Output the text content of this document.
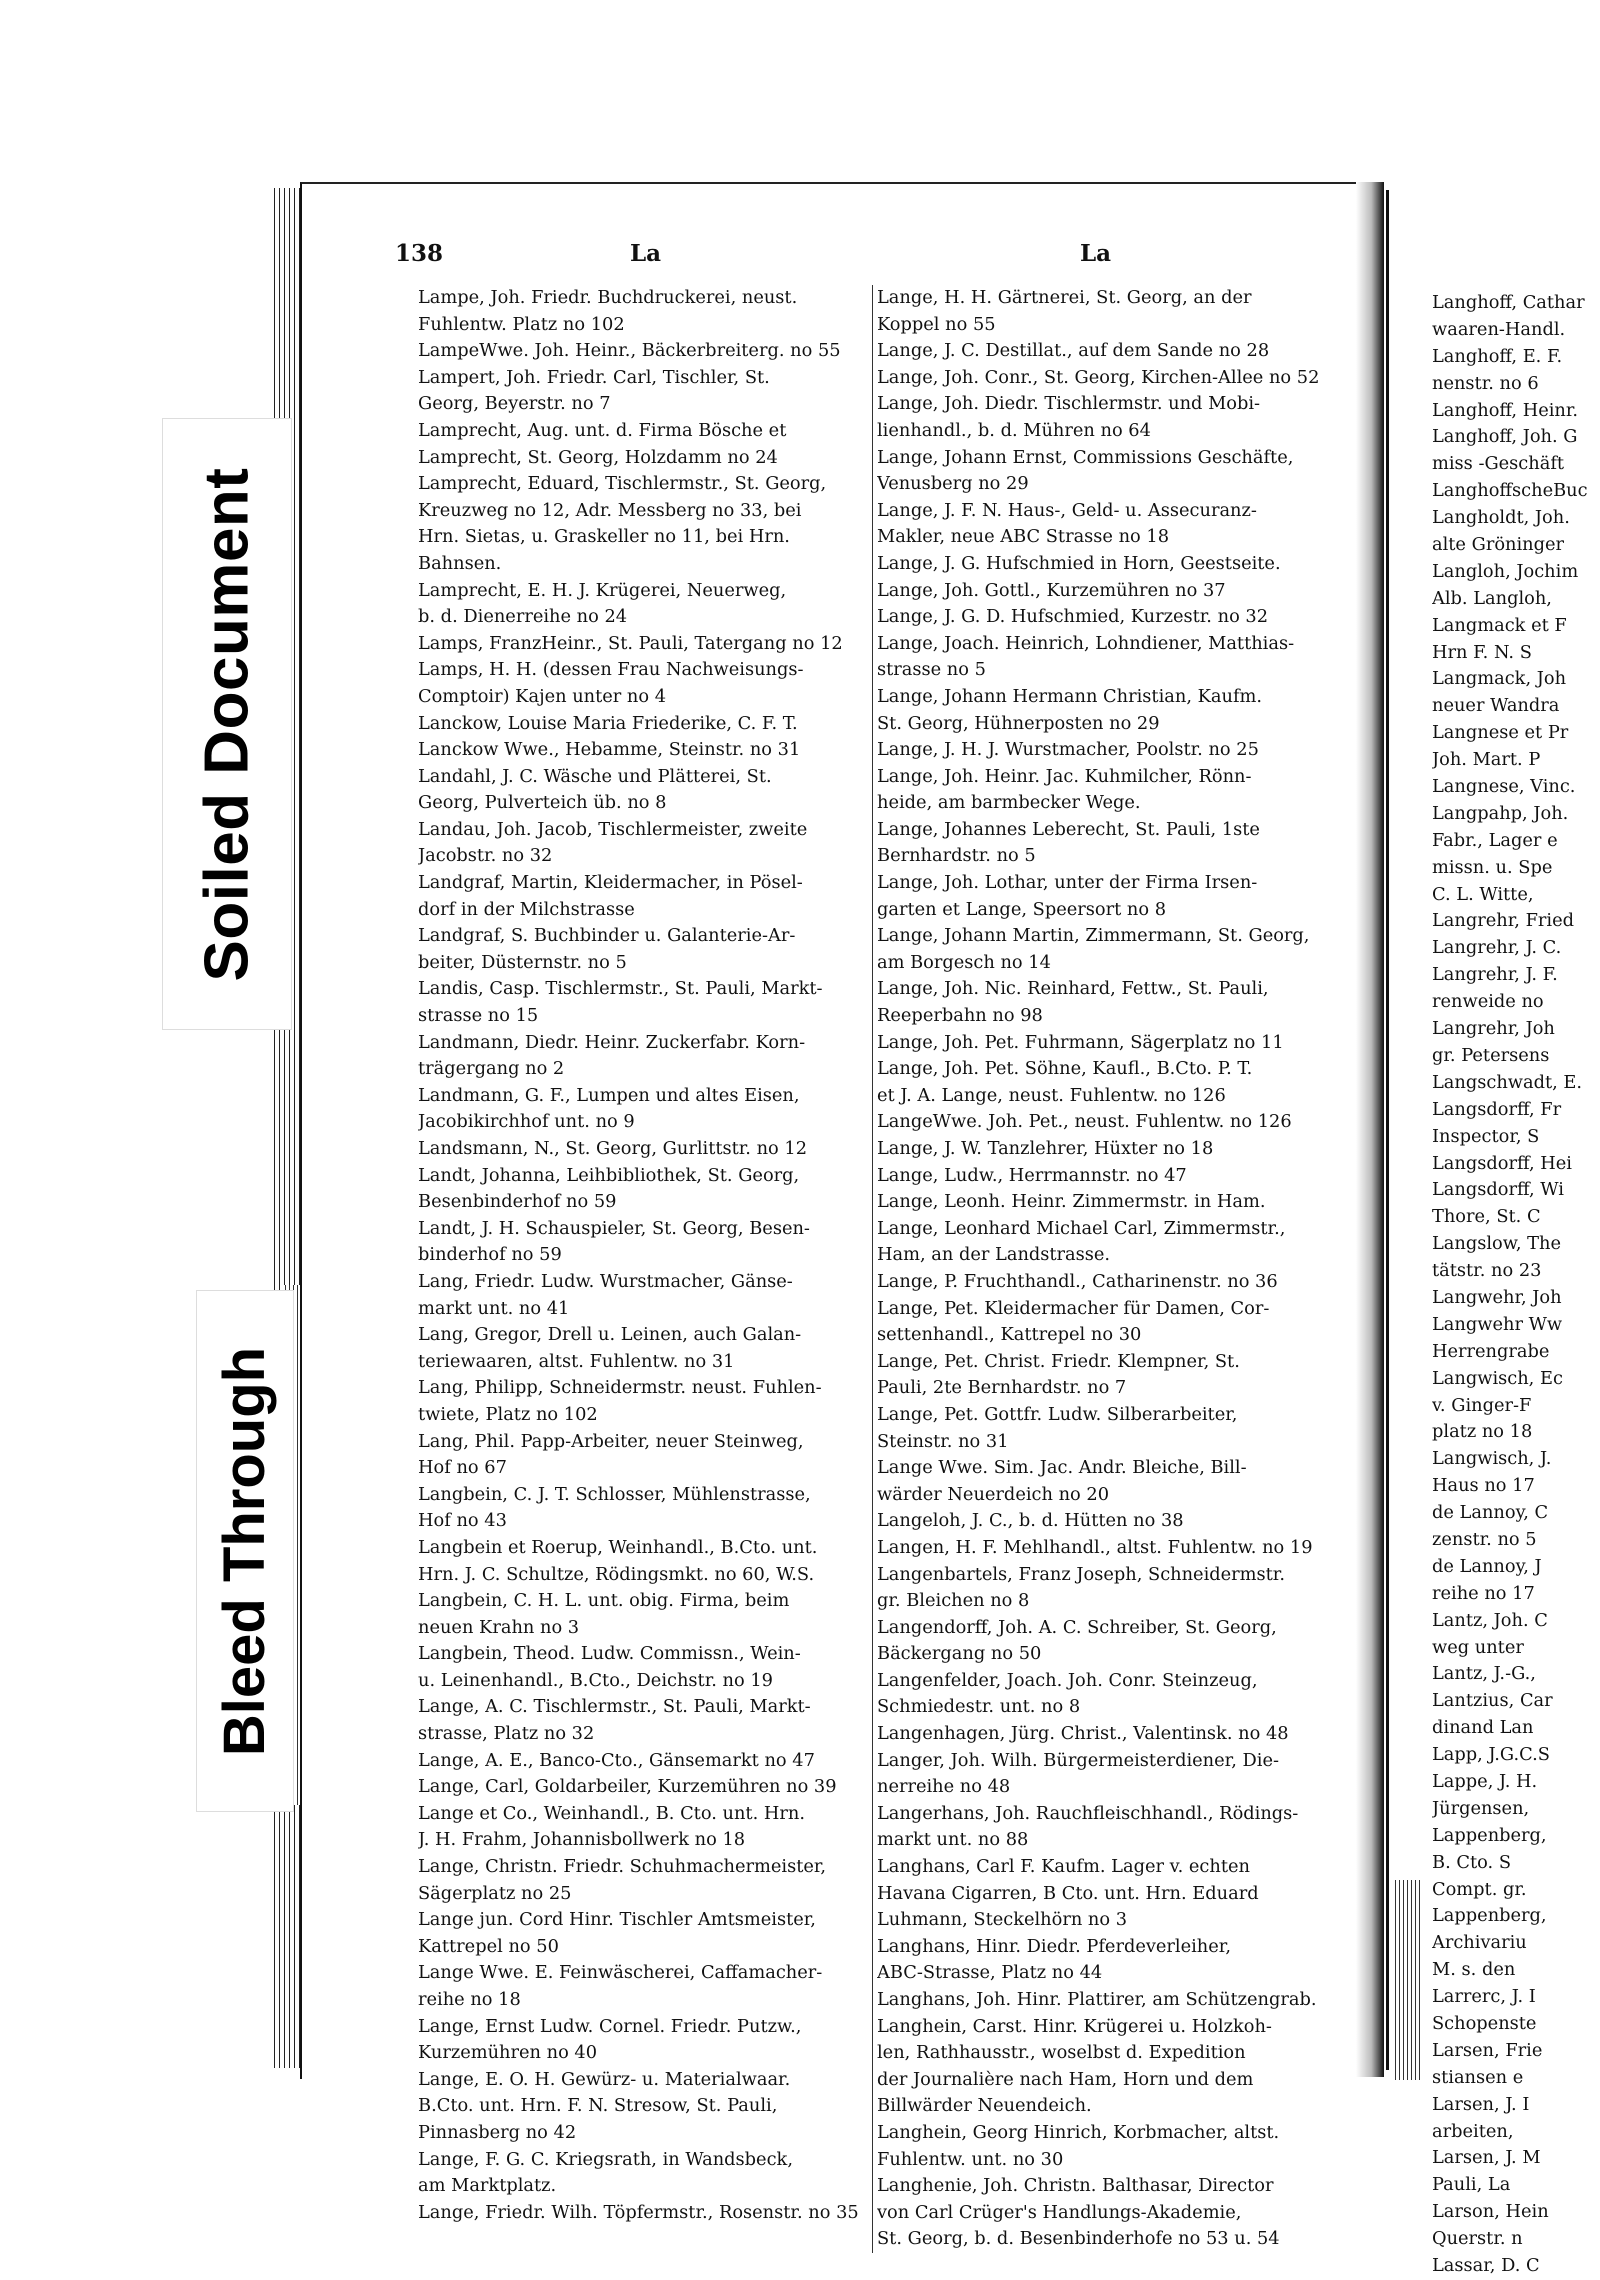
138	La	La
Lampe, Joh. Friedr. Buchdruckerei, neust.
Fuhlentw. Platz no 102
LampeWwe. Joh. Heinr., Bäckerbreiterg. no 55
Lampert, Joh. Friedr. Carl, Tischler, St.
Georg, Beyerstr. no 7
Lamprecht, Aug. unt. d. Firma Bösche et
Lamprecht, St. Georg, Holzdamm no 24
Lamprecht, Eduard, Tischlermstr., St. Georg,
Kreuzweg no 12, Adr. Messberg no 33, bei
Hrn. Sietas, u. Graskeller no 11, bei Hrn.
Bahnsen.
Lamprecht, E. H. J. Krügerei, Neuerweg,
b. d. Dienerreihe no 24
Lamps, FranzHeinr., St. Pauli, Tatergang no 12
Lamps, H. H. (dessen Frau Nachweisungs-
Comptoir) Kajen unter no 4
Lanckow, Louise Maria Friederike, C. F. T.
Lanckow Wwe., Hebamme, Steinstr. no 31
Landahl, J. C. Wäsche und Plätterei, St.
Georg, Pulverteich üb. no 8
Landau, Joh. Jacob, Tischlermeister, zweite
Jacobstr. no 32
Landgraf, Martin, Kleidermacher, in Pösel-
dorf in der Milchstrasse
Landgraf, S. Buchbinder u. Galanterie-Ar-
beiter, Düsternstr. no 5
Landis, Casp. Tischlermstr., St. Pauli, Markt-
strasse no 15
Landmann, Diedr. Heinr. Zuckerfabr. Korn-
trägergang no 2
Landmann, G. F., Lumpen und altes Eisen,
Jacobikirchhof unt. no 9
Landsmann, N., St. Georg, Gurlittstr. no 12
Landt, Johanna, Leihbibliothek, St. Georg,
Besenbinderhof no 59
Landt, J. H. Schauspieler, St. Georg, Besen-
binderhof no 59
Lang, Friedr. Ludw. Wurstmacher, Gänse-
markt unt. no 41
Lang, Gregor, Drell u. Leinen, auch Galan-
teriewaaren, altst. Fuhlentw. no 31
Lang, Philipp, Schneidermstr. neust. Fuhlen-
twiete, Platz no 102
Lang, Phil. Papp-Arbeiter, neuer Steinweg,
Hof no 67
Langbein, C. J. T. Schlosser, Mühlenstrasse,
Hof no 43
Langbein et Roerup, Weinhandl., B.Cto. unt.
Hrn. J. C. Schultze, Rödingsmkt. no 60, W.S.
Langbein, C. H. L. unt. obig. Firma, beim
neuen Krahn no 3
Langbein, Theod. Ludw. Commissn., Wein-
u. Leinenhandl., B.Cto., Deichstr. no 19
Lange, A. C. Tischlermstr., St. Pauli, Markt-
strasse, Platz no 32
Lange, A. E., Banco-Cto., Gänsemarkt no 47
Lange, Carl, Goldarbeiler, Kurzemühren no 39
Lange et Co., Weinhandl., B. Cto. unt. Hrn.
J. H. Frahm, Johannisbollwerk no 18
Lange, Christn. Friedr. Schuhmachermeister,
Sägerplatz no 25
Lange jun. Cord Hinr. Tischler Amtsmeister,
Kattrepel no 50
Lange Wwe. E. Feinwäscherei, Caffamacher-
reihe no 18
Lange, Ernst Ludw. Cornel. Friedr. Putzw.,
Kurzemühren no 40
Lange, E. O. H. Gewürz- u. Materialwaar.
B.Cto. unt. Hrn. F. N. Stresow, St. Pauli,
Pinnasberg no 42
Lange, F. G. C. Kriegsrath, in Wandsbeck,
am Marktplatz.
Lange, Friedr. Wilh. Töpfermstr., Rosenstr. no 35
Lange, H. H. Gärtnerei, St. Georg, an der
Koppel no 55
Lange, J. C. Destillat., auf dem Sande no 28
Lange, Joh. Conr., St. Georg, Kirchen-Allee no 52
Lange, Joh. Diedr. Tischlermstr. und Mobi-
lienhandl., b. d. Mühren no 64
Lange, Johann Ernst, Commissions Geschäfte,
Venusberg no 29
Lange, J. F. N. Haus-, Geld- u. Assecuranz-
Makler, neue ABC Strasse no 18
Lange, J. G. Hufschmied in Horn, Geestseite.
Lange, Joh. Gottl., Kurzemühren no 37
Lange, J. G. D. Hufschmied, Kurzestr. no 32
Lange, Joach. Heinrich, Lohndiener, Matthias-
strasse no 5
Lange, Johann Hermann Christian, Kaufm.
St. Georg, Hühnerposten no 29
Lange, J. H. J. Wurstmacher, Poolstr. no 25
Lange, Joh. Heinr. Jac. Kuhmilcher, Rönn-
heide, am barmbecker Wege.
Lange, Johannes Leberecht, St. Pauli, 1ste
Bernhardstr. no 5
Lange, Joh. Lothar, unter der Firma Irsen-
garten et Lange, Speersort no 8
Lange, Johann Martin, Zimmermann, St. Georg,
am Borgesch no 14
Lange, Joh. Nic. Reinhard, Fettw., St. Pauli,
Reeperbahn no 98
Lange, Joh. Pet. Fuhrmann, Sägerplatz no 11
Lange, Joh. Pet. Söhne, Kaufl., B.Cto. P. T.
et J. A. Lange, neust. Fuhlentw. no 126
LangeWwe. Joh. Pet., neust. Fuhlentw. no 126
Lange, J. W. Tanzlehrer, Hüxter no 18
Lange, Ludw., Herrmannstr. no 47
Lange, Leonh. Heinr. Zimmermstr. in Ham.
Lange, Leonhard Michael Carl, Zimmermstr.,
Ham, an der Landstrasse.
Lange, P. Fruchthandl., Catharinenstr. no 36
Lange, Pet. Kleidermacher für Damen, Cor-
settenhandl., Kattrepel no 30
Lange, Pet. Christ. Friedr. Klempner, St.
Pauli, 2te Bernhardstr. no 7
Lange, Pet. Gottfr. Ludw. Silberarbeiter,
Steinstr. no 31
Lange Wwe. Sim. Jac. Andr. Bleiche, Bill-
wärder Neuerdeich no 20
Langeloh, J. C., b. d. Hütten no 38
Langen, H. F. Mehlhandl., altst. Fuhlentw. no 19
Langenbartels, Franz Joseph, Schneidermstr.
gr. Bleichen no 8
Langendorff, Joh. A. C. Schreiber, St. Georg,
Bäckergang no 50
Langenfelder, Joach. Joh. Conr. Steinzeug,
Schmiedestr. unt. no 8
Langenhagen, Jürg. Christ., Valentinsk. no 48
Langer, Joh. Wilh. Bürgermeisterdiener, Die-
nerreihe no 48
Langerhans, Joh. Rauchfleischhandl., Rödings-
markt unt. no 88
Langhans, Carl F. Kaufm. Lager v. echten
Havana Cigarren, B Cto. unt. Hrn. Eduard
Luhmann, Steckelhörn no 3
Langhans, Hinr. Diedr. Pferdeverleiher,
ABC-Strasse, Platz no 44
Langhans, Joh. Hinr. Plattirer, am Schützengrab.
Langhein, Carst. Hinr. Krügerei u. Holzkoh-
len, Rathhausstr., woselbst d. Expedition
der Journalière nach Ham, Horn und dem
Billwärder Neuendeich.
Langhein, Georg Hinrich, Korbmacher, altst.
Fuhlentw. unt. no 30
Langhenie, Joh. Christn. Balthasar, Director
von Carl Crüger's Handlungs-Akademie,
St. Georg, b. d. Besenbinderhofe no 53 u. 54
Langhoff, Cathar
waaren-Handl.
Langhoff, E. F.
nenstr. no 6
Langhoff, Heinr.
Langhoff, Joh. G
miss -Geschäft
LanghoffscheBuc
Langholdt, Joh.
alte Gröninger
Langloh, Jochim
Alb. Langloh,
Langmack et F
Hrn F. N. S
Langmack, Joh
neuer Wandra
Langnese et Pr
Joh. Mart. P
Langnese, Vinc.
Langpahp, Joh.
Fabr., Lager e
missn. u. Spe
C. L. Witte,
Langrehr, Fried
Langrehr, J. C.
Langrehr, J. F.
renweide no
Langrehr, Joh
gr. Petersens
Langschwadt, E.
Langsdorff, Fr
Inspector, S
Langsdorff, Hei
Langsdorff, Wi
Thore, St. C
Langslow, The
tätstr. no 23
Langwehr, Joh
Langwehr Ww
Herrengrabe
Langwisch, Ec
v. Ginger-F
platz no 18
Langwisch, J.
Haus no 17
de Lannoy, C
zenstr. no 5
de Lannoy, J
reihe no 17
Lantz, Joh. C
weg unter
Lantz, J.-G.,
Lantzius, Car
dinand Lan
Lapp, J.G.C.S
Lappe, J. H.
Jürgensen,
Lappenberg,
B. Cto. S
Compt. gr.
Lappenberg,
Archivariu
M. s. den
Larrerc, J. I
Schopenste
Larsen, Frie
stiansen e
Larsen, J. I
arbeiten,
Larsen, J. M
Pauli, La
Larson, Hein
Querstr. n
Lassar, D. C
Soiled Document
Bleed Through
